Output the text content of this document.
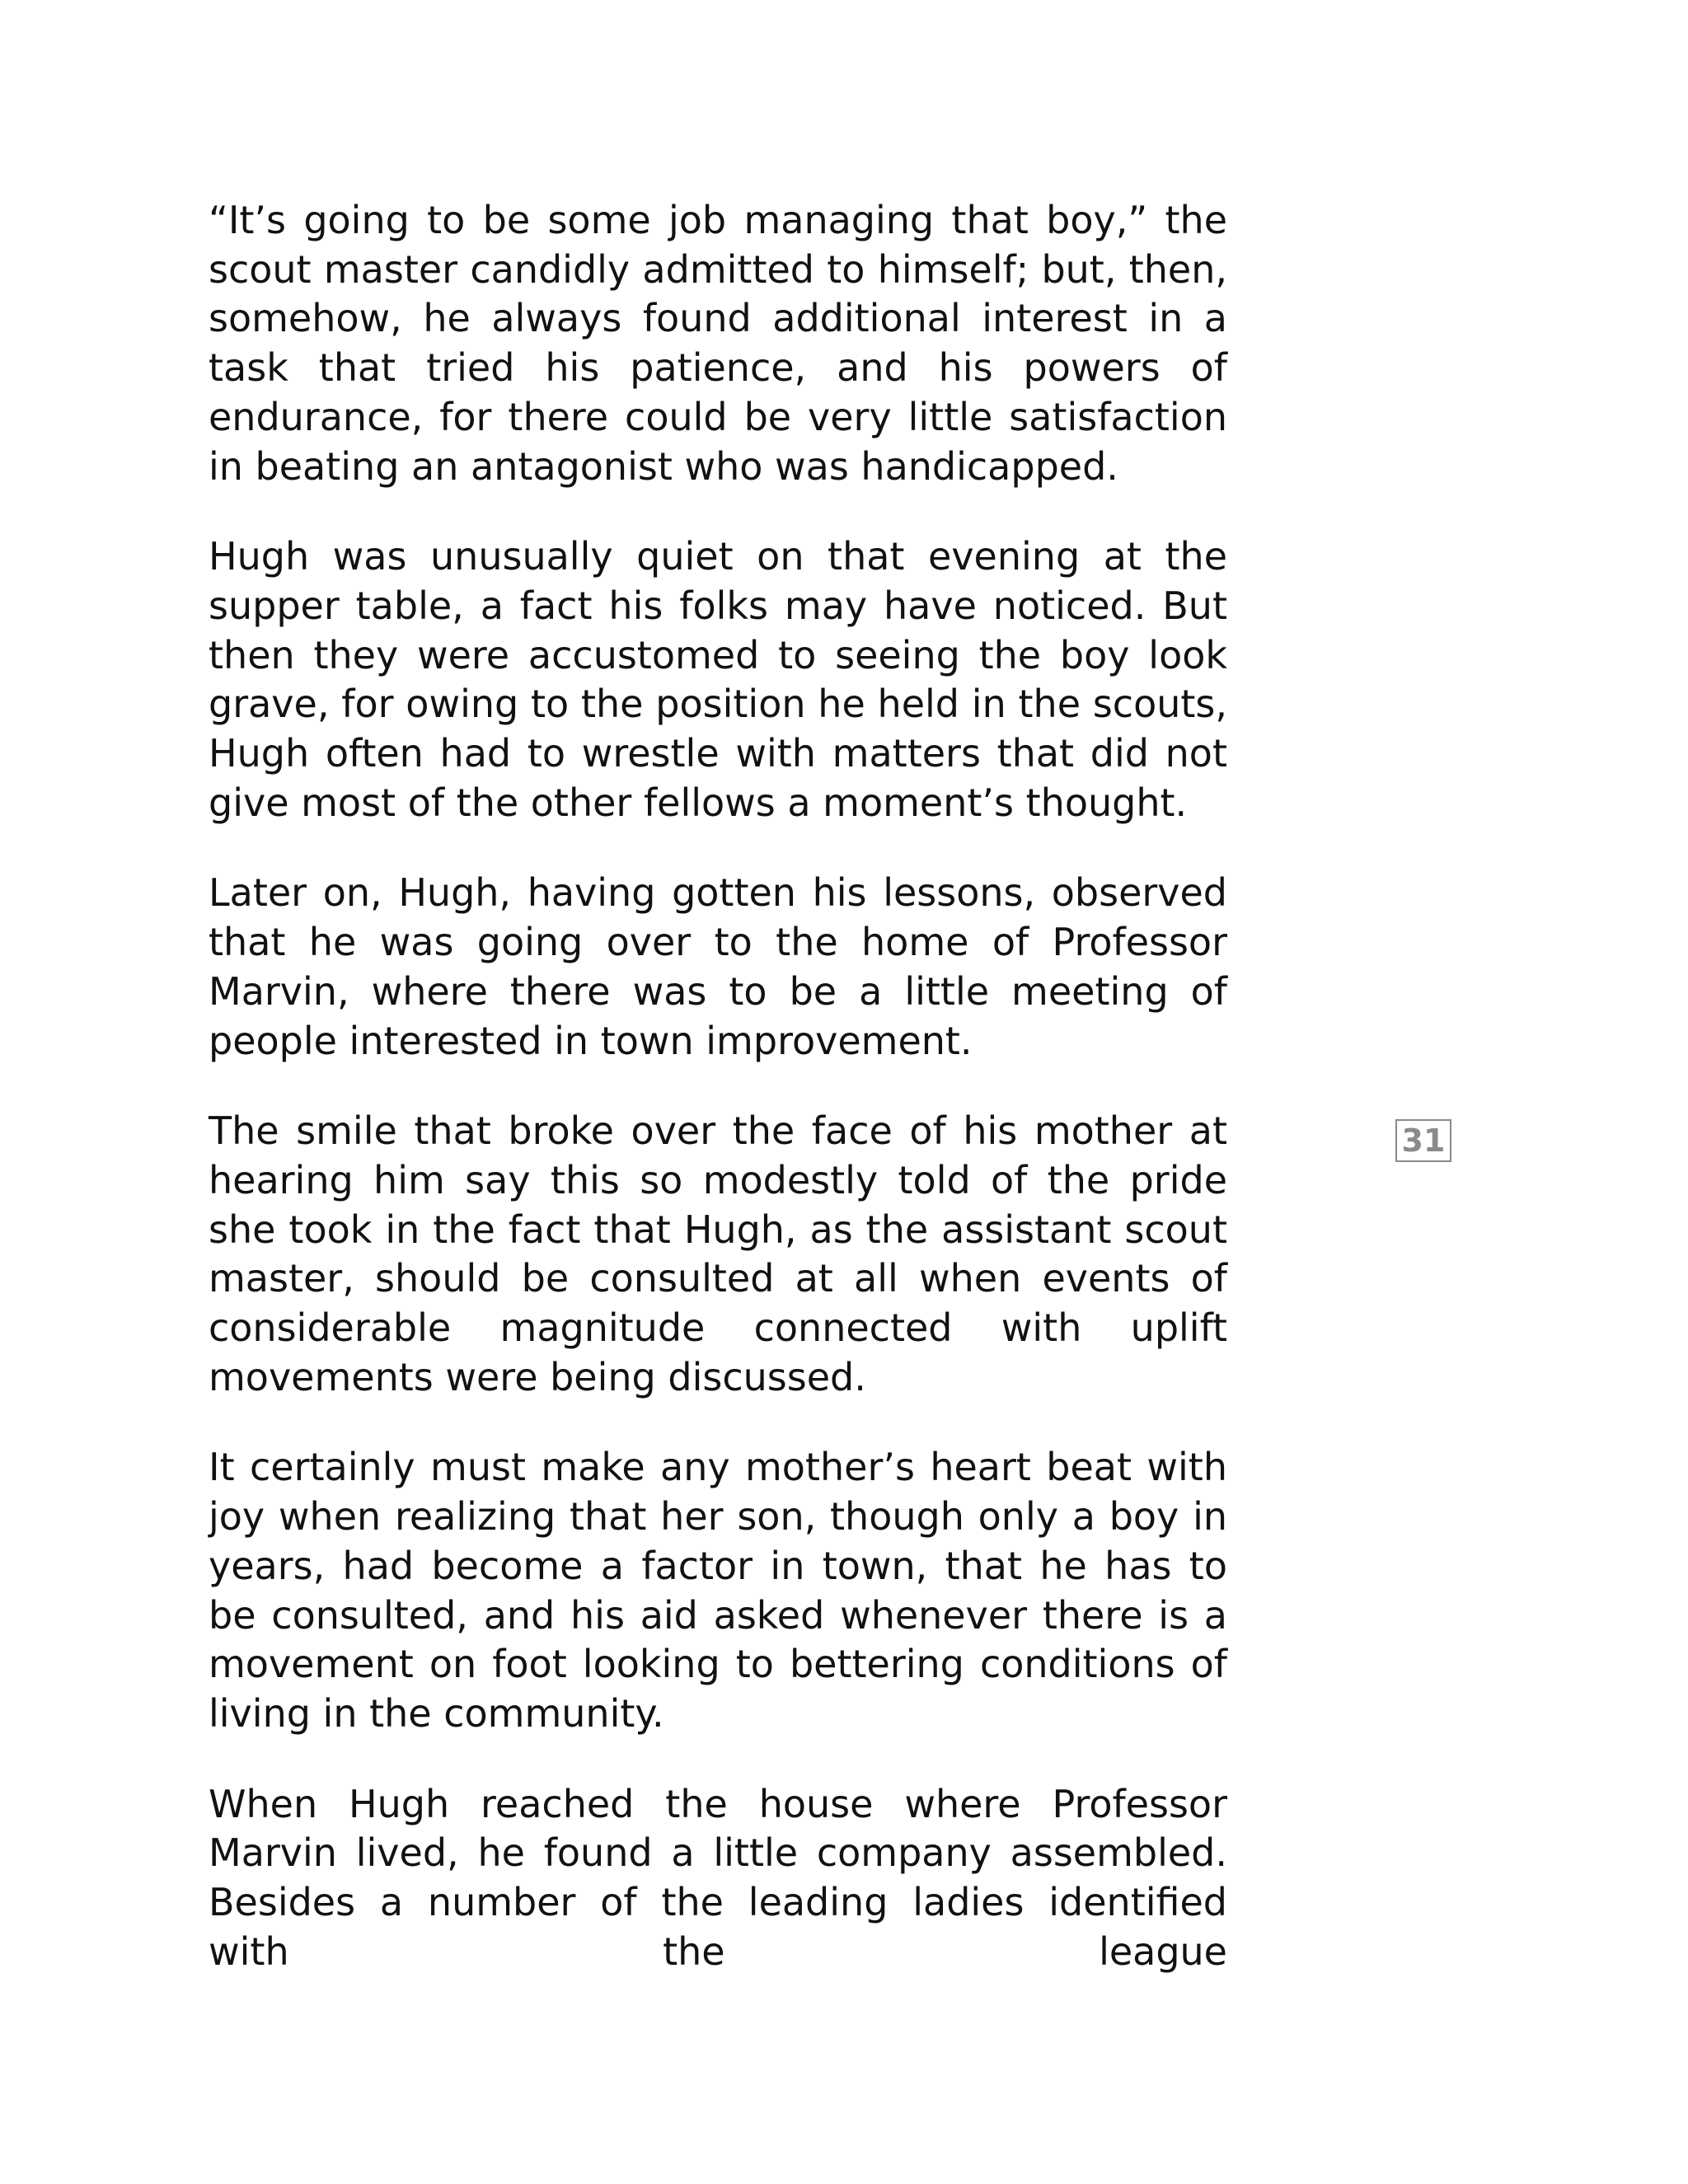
“It’s going to be some job managing that boy,” the scout master candidly admitted to himself; but, then, somehow, he always found additional interest in a task that tried his patience, and his powers of endurance, for there could be very little satisfaction in beating an antagonist who was handicapped.

Hugh was unusually quiet on that evening at the supper table, a fact his folks may have noticed. But then they were accustomed to seeing the boy look grave, for owing to the position he held in the scouts, Hugh often had to wrestle with matters that did not give most of the other fellows a moment’s thought.

Later on, Hugh, having gotten his lessons, observed that he was going over to the home of Professor Marvin, where there was to be a little meeting of people interested in town improvement.

The smile that broke over the face of his mother at hearing him say this so modestly told of the pride she took in the fact that Hugh, as the assistant scout master, should be consulted at all when events of considerable magnitude connected with uplift movements were being discussed.

It certainly must make any mother’s heart beat with joy when realizing that her son, though only a boy in years, had become a factor in town, that he has to be consulted, and his aid asked whenever there is a movement on foot looking to bettering conditions of living in the community.

When Hugh reached the house where Professor Marvin lived, he found a little company assembled. Besides a number of the leading ladies identified with the league

31
